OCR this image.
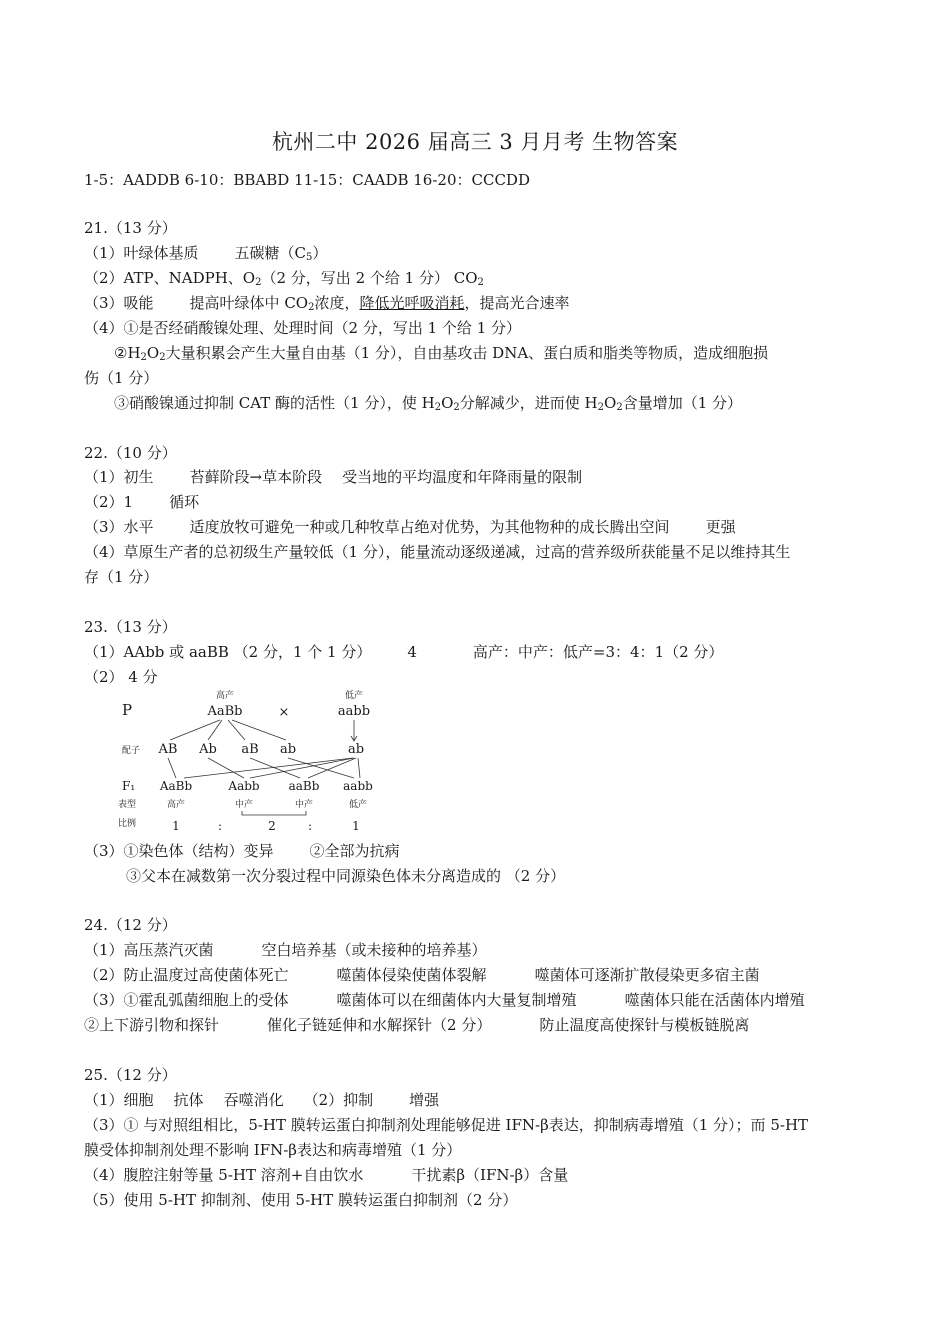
杭州二中 2026 届高三 3 月月考 生物答案
1-5：AADDB 6-10：BBABD 11-15：CAADB 16-20：CCCDD
21.（13 分）
（1）叶绿体基质 五碳糖$(C_5)$
（2）ATP、NADPH、$O_2(2$ 分，写出 2 个给 1 分） $CO_2$
（3）吸能 提高叶绿体中 $CO_2$浓度，降低光呼吸消耗，提高光合速率
（4）①是否经硝酸镍处理、处理时间（2 分，写出 1 个给 1 分）
$②H_2O_2$大量积累会产生大量自由基（1 分），自由基攻击 DNA、蛋白质和脂类等物质，造成细胞损
伤（1 分）
③硝酸镍通过抑制 CAT 酶的活性（1 分），使 $H_2O_2$分解减少，进而使 $H_2O_2$含量增加（1 分）
22.（10 分）
（1）初生 苔藓阶段→草本阶段 受当地的平均温度和年降雨量的限制
（2）1 循环
（3）水平 适度放牧可避免一种或几种牧草占绝对优势，为其他物种的成长腾出空间 更强
（4）草原生产者的总初级生产量较低（1 分），能量流动逐级递减，过高的营养级所获能量不足以维持其生
存（1 分）
23.（13 分）
（1）AAbb 或 aaBB （2 分，1 个 1 分） 4	高产：中产：低产=3：4：1（2 分）
（2） 4 分
P
高产
AaBb	×
低产
aabb
配子 AB Ab aB ab	ab
F₁ AaBb	Aabb aaBb aabb
表型	高产	中产	中产	低产
比例	1	:	2	:	1
（3）①染色体（结构）变异 ②全部为抗病
③父本在减数第一次分裂过程中同源染色体未分离造成的 （2 分）
24.（12 分）
（1）高压蒸汽灭菌	空白培养基（或未接种的培养基）
（2）防止温度过高使菌体死亡	噬菌体侵染使菌体裂解	噬菌体可逐渐扩散侵染更多宿主菌
（3）①霍乱弧菌细胞上的受体	噬菌体可以在细菌体内大量复制增殖	噬菌体只能在活菌体内增殖
②上下游引物和探针	催化子链延伸和水解探针（2 分）	防止温度高使探针与模板链脱离
25.（12 分）
（1）细胞 抗体 吞噬消化 （2）抑制 增强
（3）① 与对照组相比，5-HT 膜转运蛋白抑制剂处理能够促进 IFN-β表达，抑制病毒增殖（1 分）；而 5-HT
膜受体抑制剂处理不影响 IFN-β表达和病毒增殖（1 分）
（4）腹腔注射等量 5-HT 溶剂+自由饮水	干扰素β（IFN-β）含量
（5）使用 5-HT 抑制剂、使用 5-HT 膜转运蛋白抑制剂（2 分）
